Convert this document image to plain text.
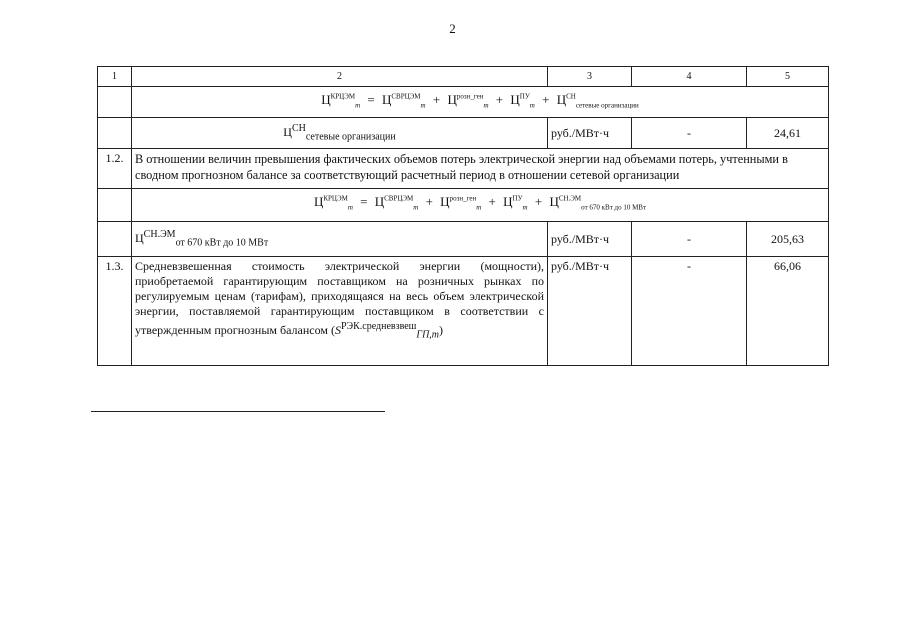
2
1	2	3	4	5
	$Ц^{КРЦЭМ}_m = Ц^{СВРЦЭМ}_m + Ц^{розн\_ген}_m + Ц^{ПУ}_m + Ц^{СН}_{сетевые организации}$
	$Ц^{СН}_{сетевые организации}$	руб./МВт·ч	-	24,61
1.2.	В отношении величин превышения фактических объемов потерь электрической энергии над объемами потерь, учтенными в сводном прогнозном балансе за соответствующий расчетный период в отношении сетевой организации			
	$Ц^{КРЦЭМ}_m = Ц^{СВРЦЭМ}_m + Ц^{розн\_ген}_m + Ц^{ПУ}_m + Ц^{СН.ЭМ}_{от 670 кВт до 10 МВт}$
	$Ц^{СН.ЭМ}_{от 670 кВт до 10 МВт}$	руб./МВт·ч	-	205,63
1.3.	Средневзвешенная стоимость электрической энергии (мощности), приобретаемой гарантирующим поставщиком на розничных рынках по регулируемым ценам (тарифам), приходящаяся на весь объем электрической энергии, поставляемой гарантирующим поставщиком в соответствии с утвержденным прогнозным балансом $(S^{РЭК.средневзвеш}_{ГП,m})$	руб./МВт·ч	-	66,06
